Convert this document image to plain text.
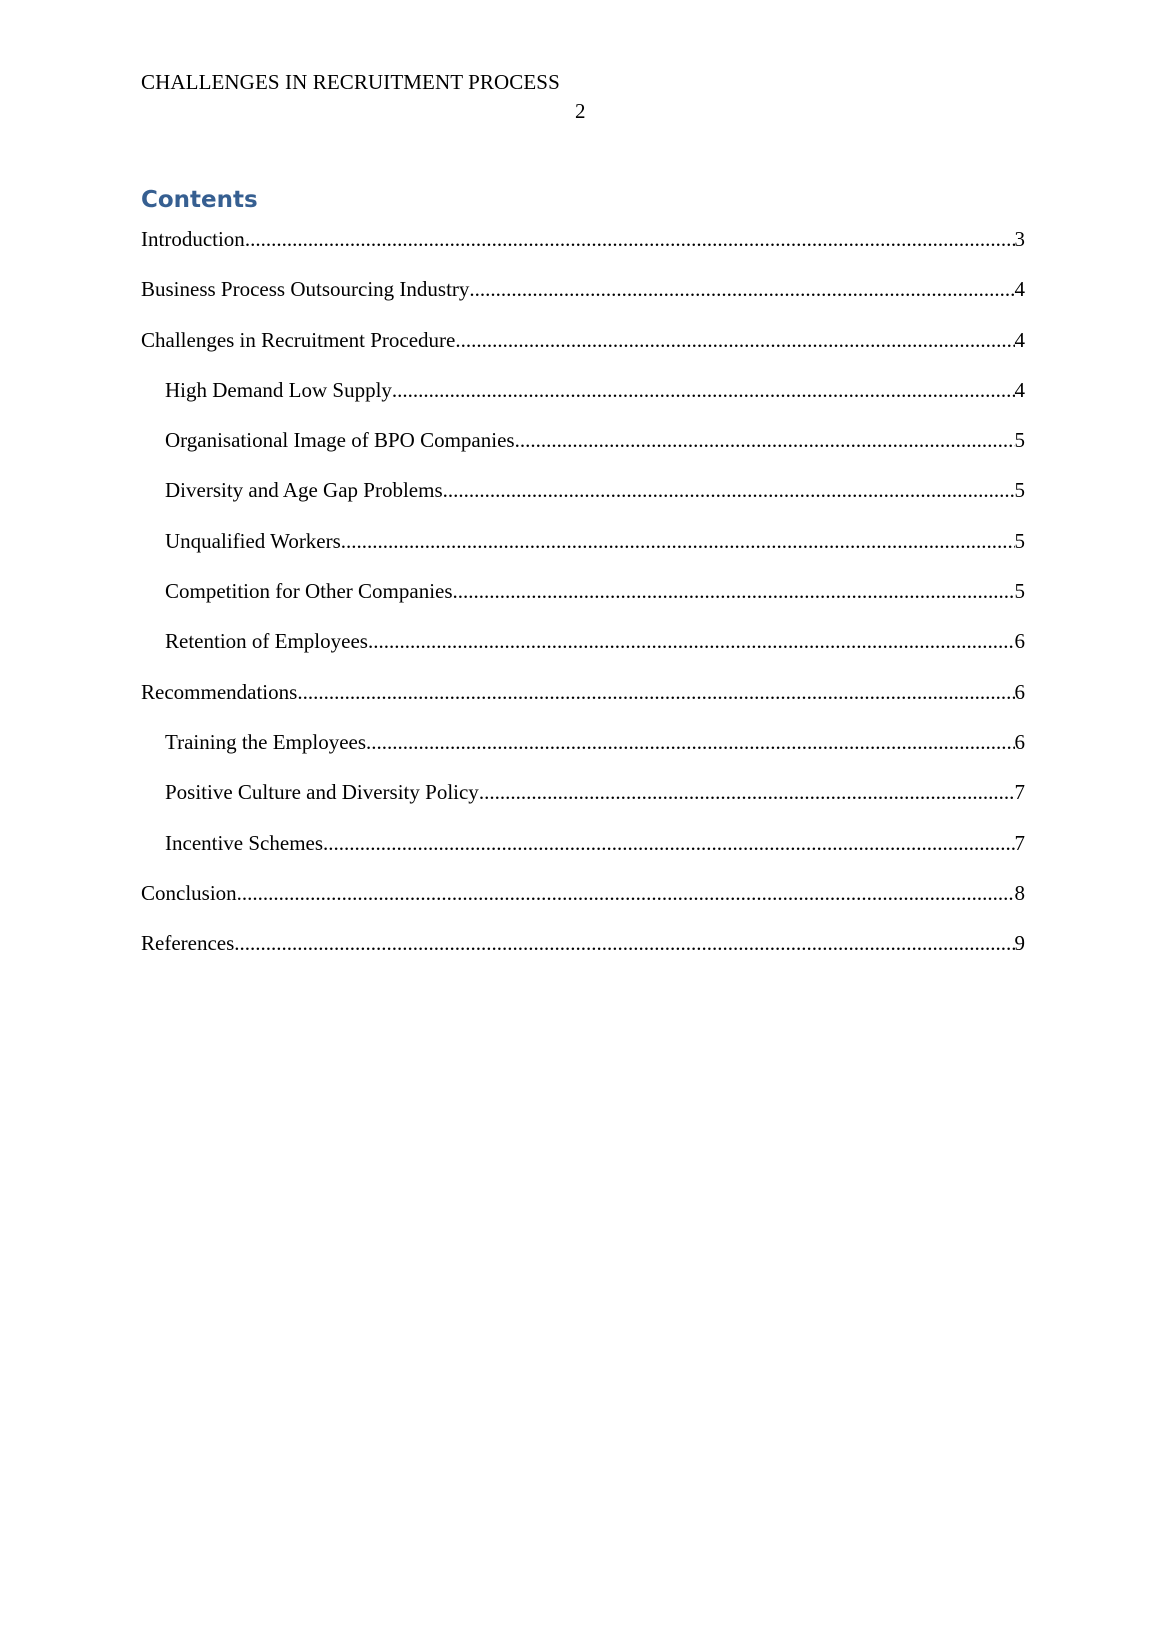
CHALLENGES IN RECRUITMENT PROCESS
2
Contents
Introduction .....	3
Business Process Outsourcing Industry .....	4
Challenges in Recruitment Procedure .....	4
High Demand Low Supply .....	4
Organisational Image of BPO Companies .....	5
Diversity and Age Gap Problems .....	5
Unqualified Workers .....	5
Competition for Other Companies .....	5
Retention of Employees .....	6
Recommendations .....	6
Training the Employees .....	6
Positive Culture and Diversity Policy .....	7
Incentive Schemes .....	7
Conclusion .....	8
References .....	9
